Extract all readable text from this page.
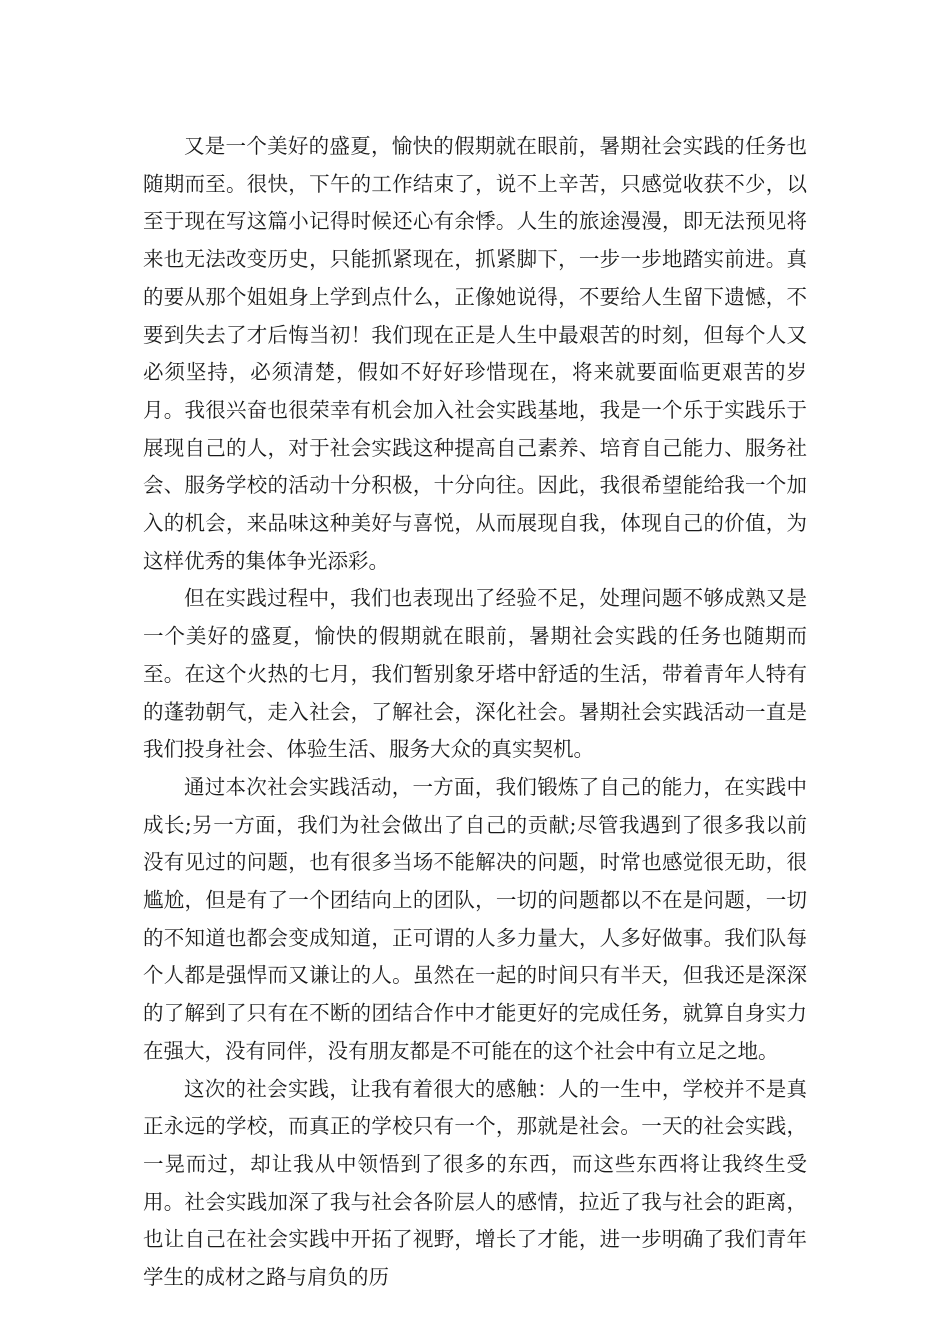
又是一个美好的盛夏，愉快的假期就在眼前，暑期社会实践的任务也随期而至。很快，下午的工作结束了，说不上辛苦，只感觉收获不少，以至于现在写这篇小记得时候还心有余悸。人生的旅途漫漫，即无法预见将来也无法改变历史，只能抓紧现在，抓紧脚下，一步一步地踏实前进。真的要从那个姐姐身上学到点什么，正像她说得，不要给人生留下遗憾，不要到失去了才后悔当初！我们现在正是人生中最艰苦的时刻，但每个人又必须坚持，必须清楚，假如不好好珍惜现在，将来就要面临更艰苦的岁月。我很兴奋也很荣幸有机会加入社会实践基地，我是一个乐于实践乐于展现自己的人，对于社会实践这种提高自己素养、培育自己能力、服务社会、服务学校的活动十分积极，十分向往。因此，我很希望能给我一个加入的机会，来品味这种美好与喜悦，从而展现自我，体现自己的价值，为这样优秀的集体争光添彩。

但在实践过程中，我们也表现出了经验不足，处理问题不够成熟又是一个美好的盛夏，愉快的假期就在眼前，暑期社会实践的任务也随期而至。在这个火热的七月，我们暂别象牙塔中舒适的生活，带着青年人特有的蓬勃朝气，走入社会，了解社会，深化社会。暑期社会实践活动一直是我们投身社会、体验生活、服务大众的真实契机。

通过本次社会实践活动，一方面，我们锻炼了自己的能力，在实践中成长;另一方面，我们为社会做出了自己的贡献;尽管我遇到了很多我以前没有见过的问题，也有很多当场不能解决的问题，时常也感觉很无助，很尴尬，但是有了一个团结向上的团队，一切的问题都以不在是问题，一切的不知道也都会变成知道，正可谓的人多力量大，人多好做事。我们队每个人都是强悍而又谦让的人。虽然在一起的时间只有半天，但我还是深深的了解到了只有在不断的团结合作中才能更好的完成任务，就算自身实力在强大，没有同伴，没有朋友都是不可能在的这个社会中有立足之地。

这次的社会实践，让我有着很大的感触：人的一生中，学校并不是真正永远的学校，而真正的学校只有一个，那就是社会。一天的社会实践，一晃而过，却让我从中领悟到了很多的东西，而这些东西将让我终生受用。社会实践加深了我与社会各阶层人的感情，拉近了我与社会的距离，也让自己在社会实践中开拓了视野，增长了才能，进一步明确了我们青年学生的成材之路与肩负的历
